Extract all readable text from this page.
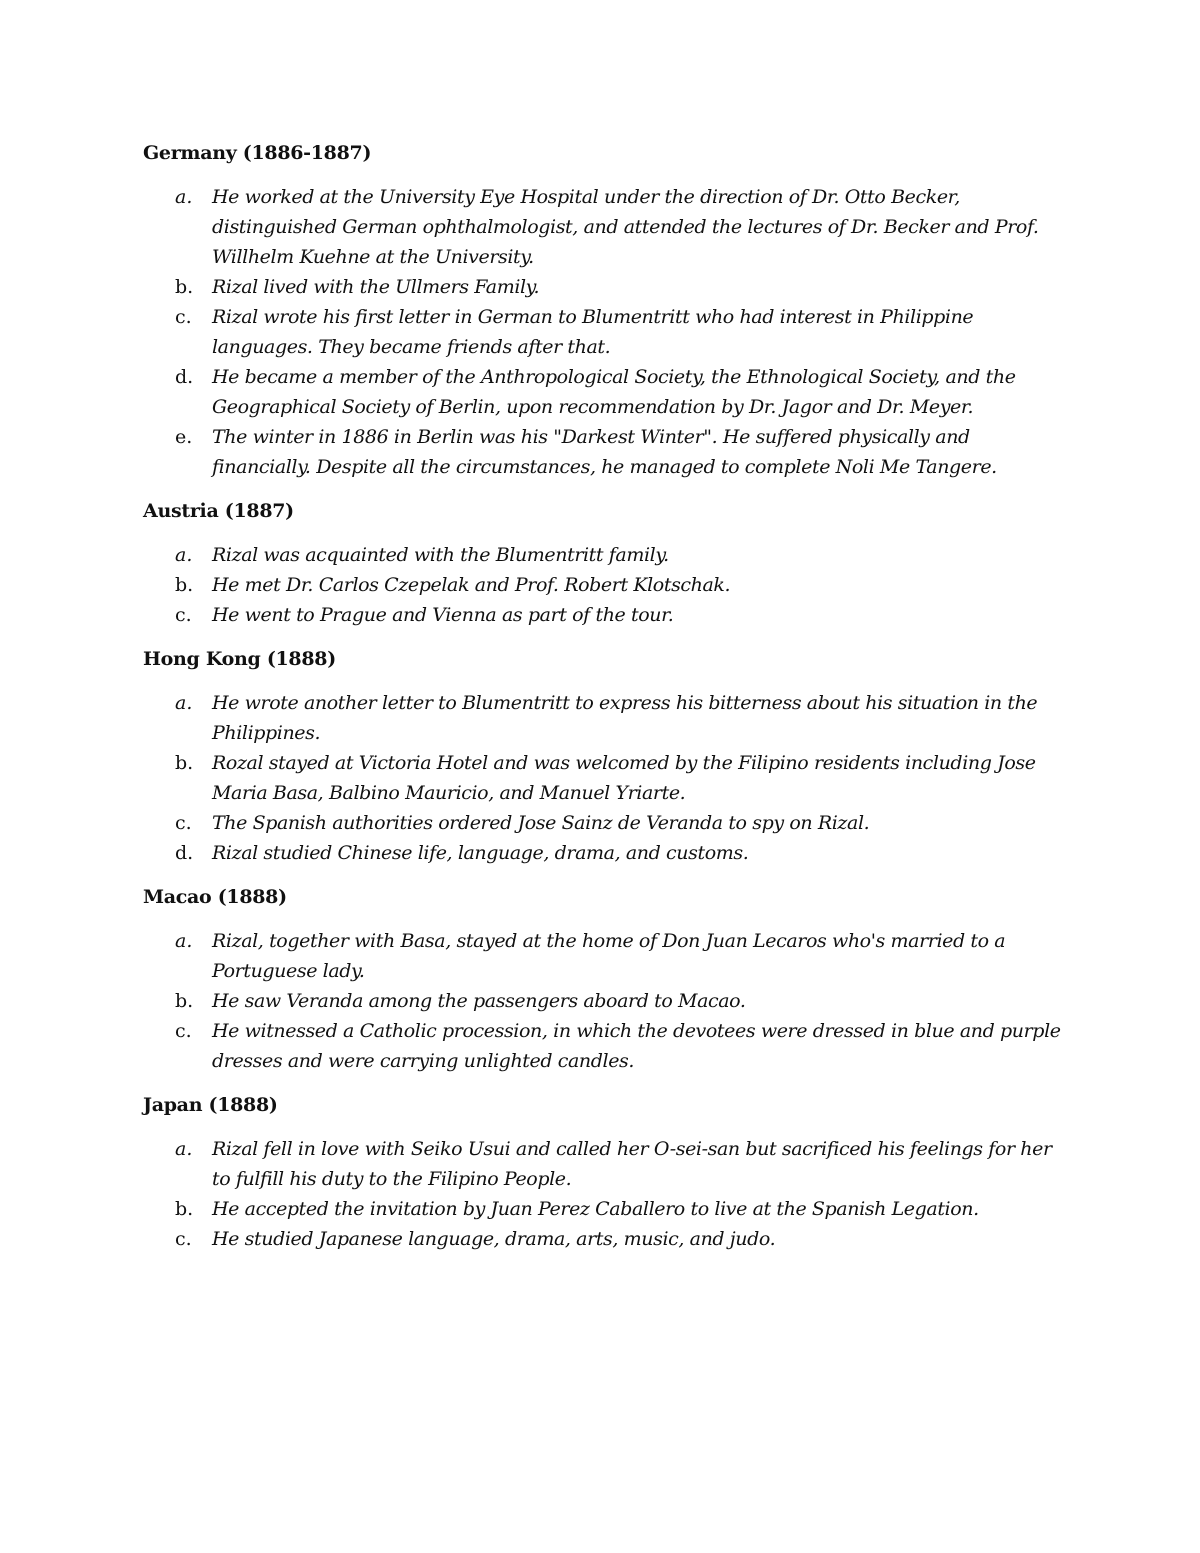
Germany (1886-1887)
a. He worked at the University Eye Hospital under the direction of Dr. Otto Becker, distinguished German ophthalmologist, and attended the lectures of Dr. Becker and Prof. Willhelm Kuehne at the University.
b. Rizal lived with the Ullmers Family.
c. Rizal wrote his first letter in German to Blumentritt who had interest in Philippine languages. They became friends after that.
d. He became a member of the Anthropological Society, the Ethnological Society, and the Geographical Society of Berlin, upon recommendation by Dr. Jagor and Dr. Meyer.
e. The winter in 1886 in Berlin was his "Darkest Winter". He suffered physically and financially. Despite all the circumstances, he managed to complete Noli Me Tangere.
Austria (1887)
a. Rizal was acquainted with the Blumentritt family.
b. He met Dr. Carlos Czepelak and Prof. Robert Klotschak.
c. He went to Prague and Vienna as part of the tour.
Hong Kong (1888)
a. He wrote another letter to Blumentritt to express his bitterness about his situation in the Philippines.
b. Rozal stayed at Victoria Hotel and was welcomed by the Filipino residents including Jose Maria Basa, Balbino Mauricio, and Manuel Yriarte.
c. The Spanish authorities ordered Jose Sainz de Veranda to spy on Rizal.
d. Rizal studied Chinese life, language, drama, and customs.
Macao (1888)
a. Rizal, together with Basa, stayed at the home of Don Juan Lecaros who's married to a Portuguese lady.
b. He saw Veranda among the passengers aboard to Macao.
c. He witnessed a Catholic procession, in which the devotees were dressed in blue and purple dresses and were carrying unlighted candles.
Japan (1888)
a. Rizal fell in love with Seiko Usui and called her O-sei-san but sacrificed his feelings for her to fulfill his duty to the Filipino People.
b. He accepted the invitation by Juan Perez Caballero to live at the Spanish Legation.
c. He studied Japanese language, drama, arts, music, and judo.
